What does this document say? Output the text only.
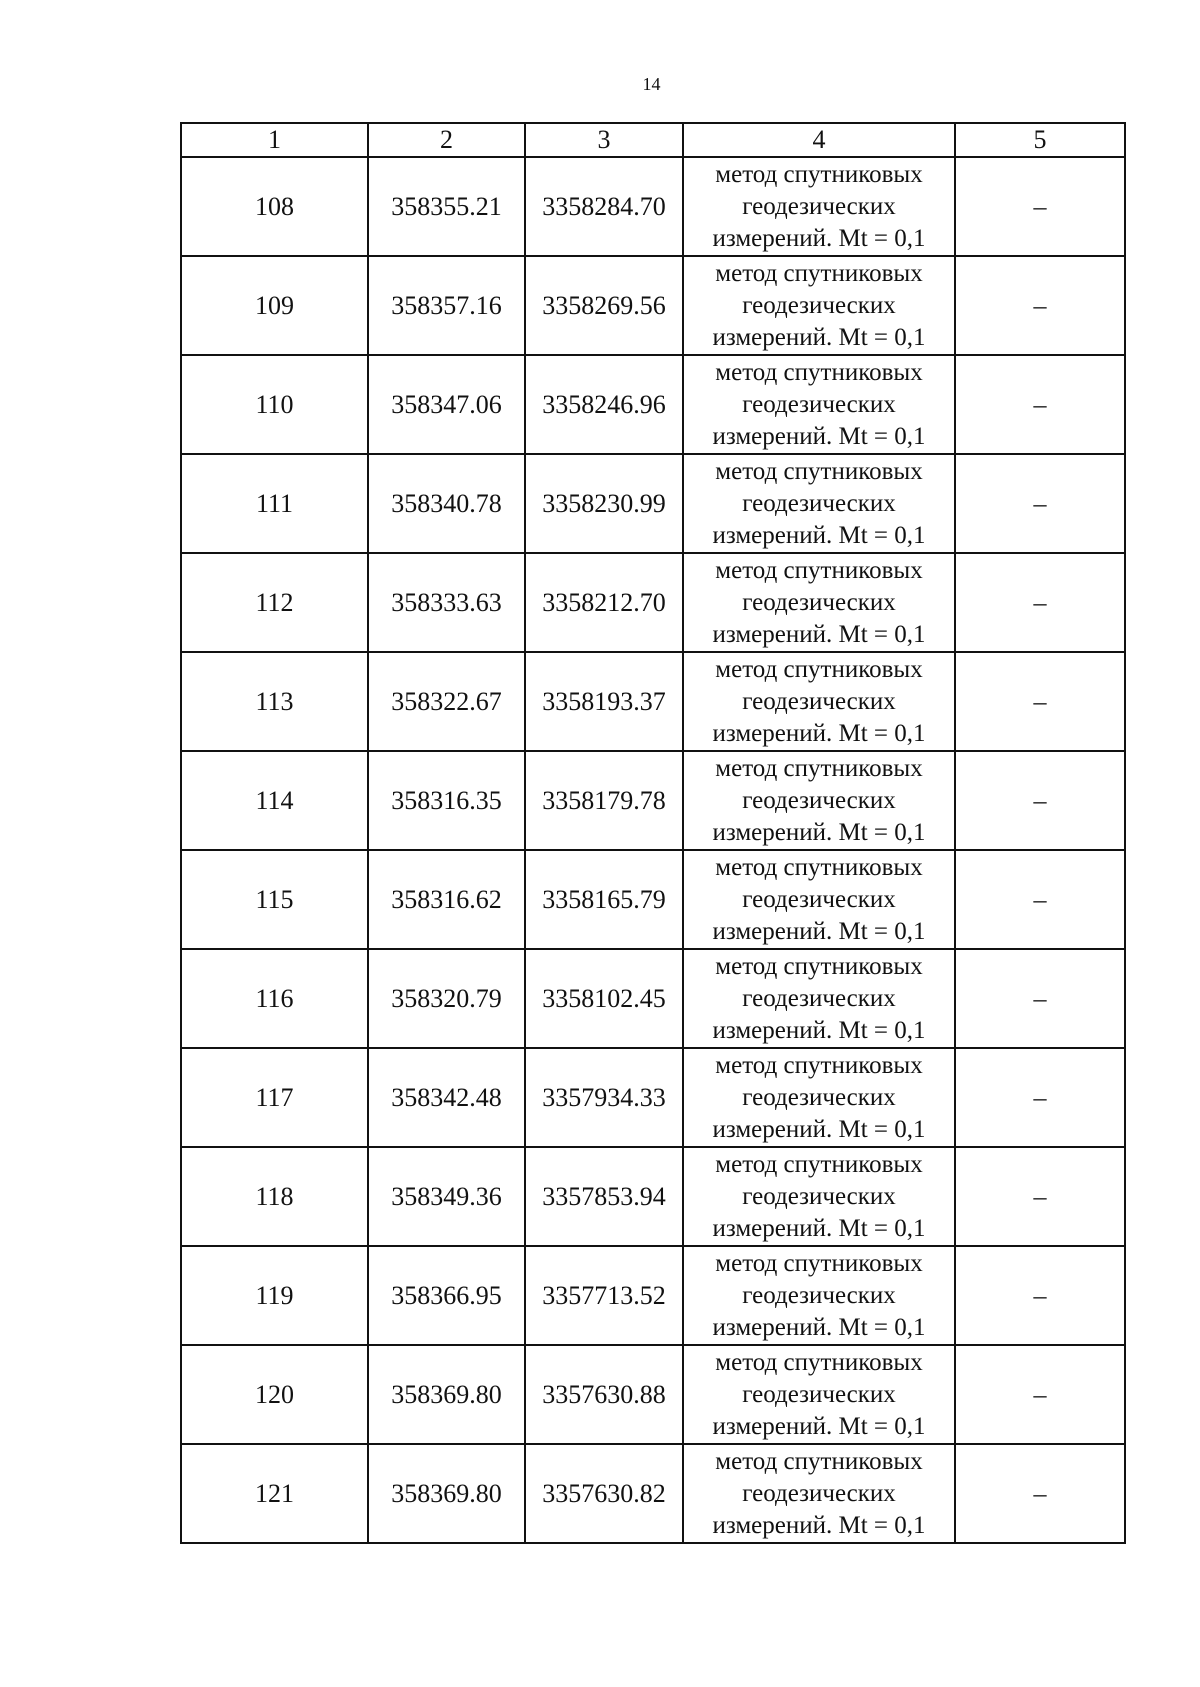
14
1	2	3	4	5
108	358355.21	3358284.70	метод спутниковых геодезических измерений. Mt = 0,1	–
109	358357.16	3358269.56	метод спутниковых геодезических измерений. Mt = 0,1	–
110	358347.06	3358246.96	метод спутниковых геодезических измерений. Mt = 0,1	–
111	358340.78	3358230.99	метод спутниковых геодезических измерений. Mt = 0,1	–
112	358333.63	3358212.70	метод спутниковых геодезических измерений. Mt = 0,1	–
113	358322.67	3358193.37	метод спутниковых геодезических измерений. Mt = 0,1	–
114	358316.35	3358179.78	метод спутниковых геодезических измерений. Mt = 0,1	–
115	358316.62	3358165.79	метод спутниковых геодезических измерений. Mt = 0,1	–
116	358320.79	3358102.45	метод спутниковых геодезических измерений. Mt = 0,1	–
117	358342.48	3357934.33	метод спутниковых геодезических измерений. Mt = 0,1	–
118	358349.36	3357853.94	метод спутниковых геодезических измерений. Mt = 0,1	–
119	358366.95	3357713.52	метод спутниковых геодезических измерений. Mt = 0,1	–
120	358369.80	3357630.88	метод спутниковых геодезических измерений. Mt = 0,1	–
121	358369.80	3357630.82	метод спутниковых геодезических измерений. Mt = 0,1	–
